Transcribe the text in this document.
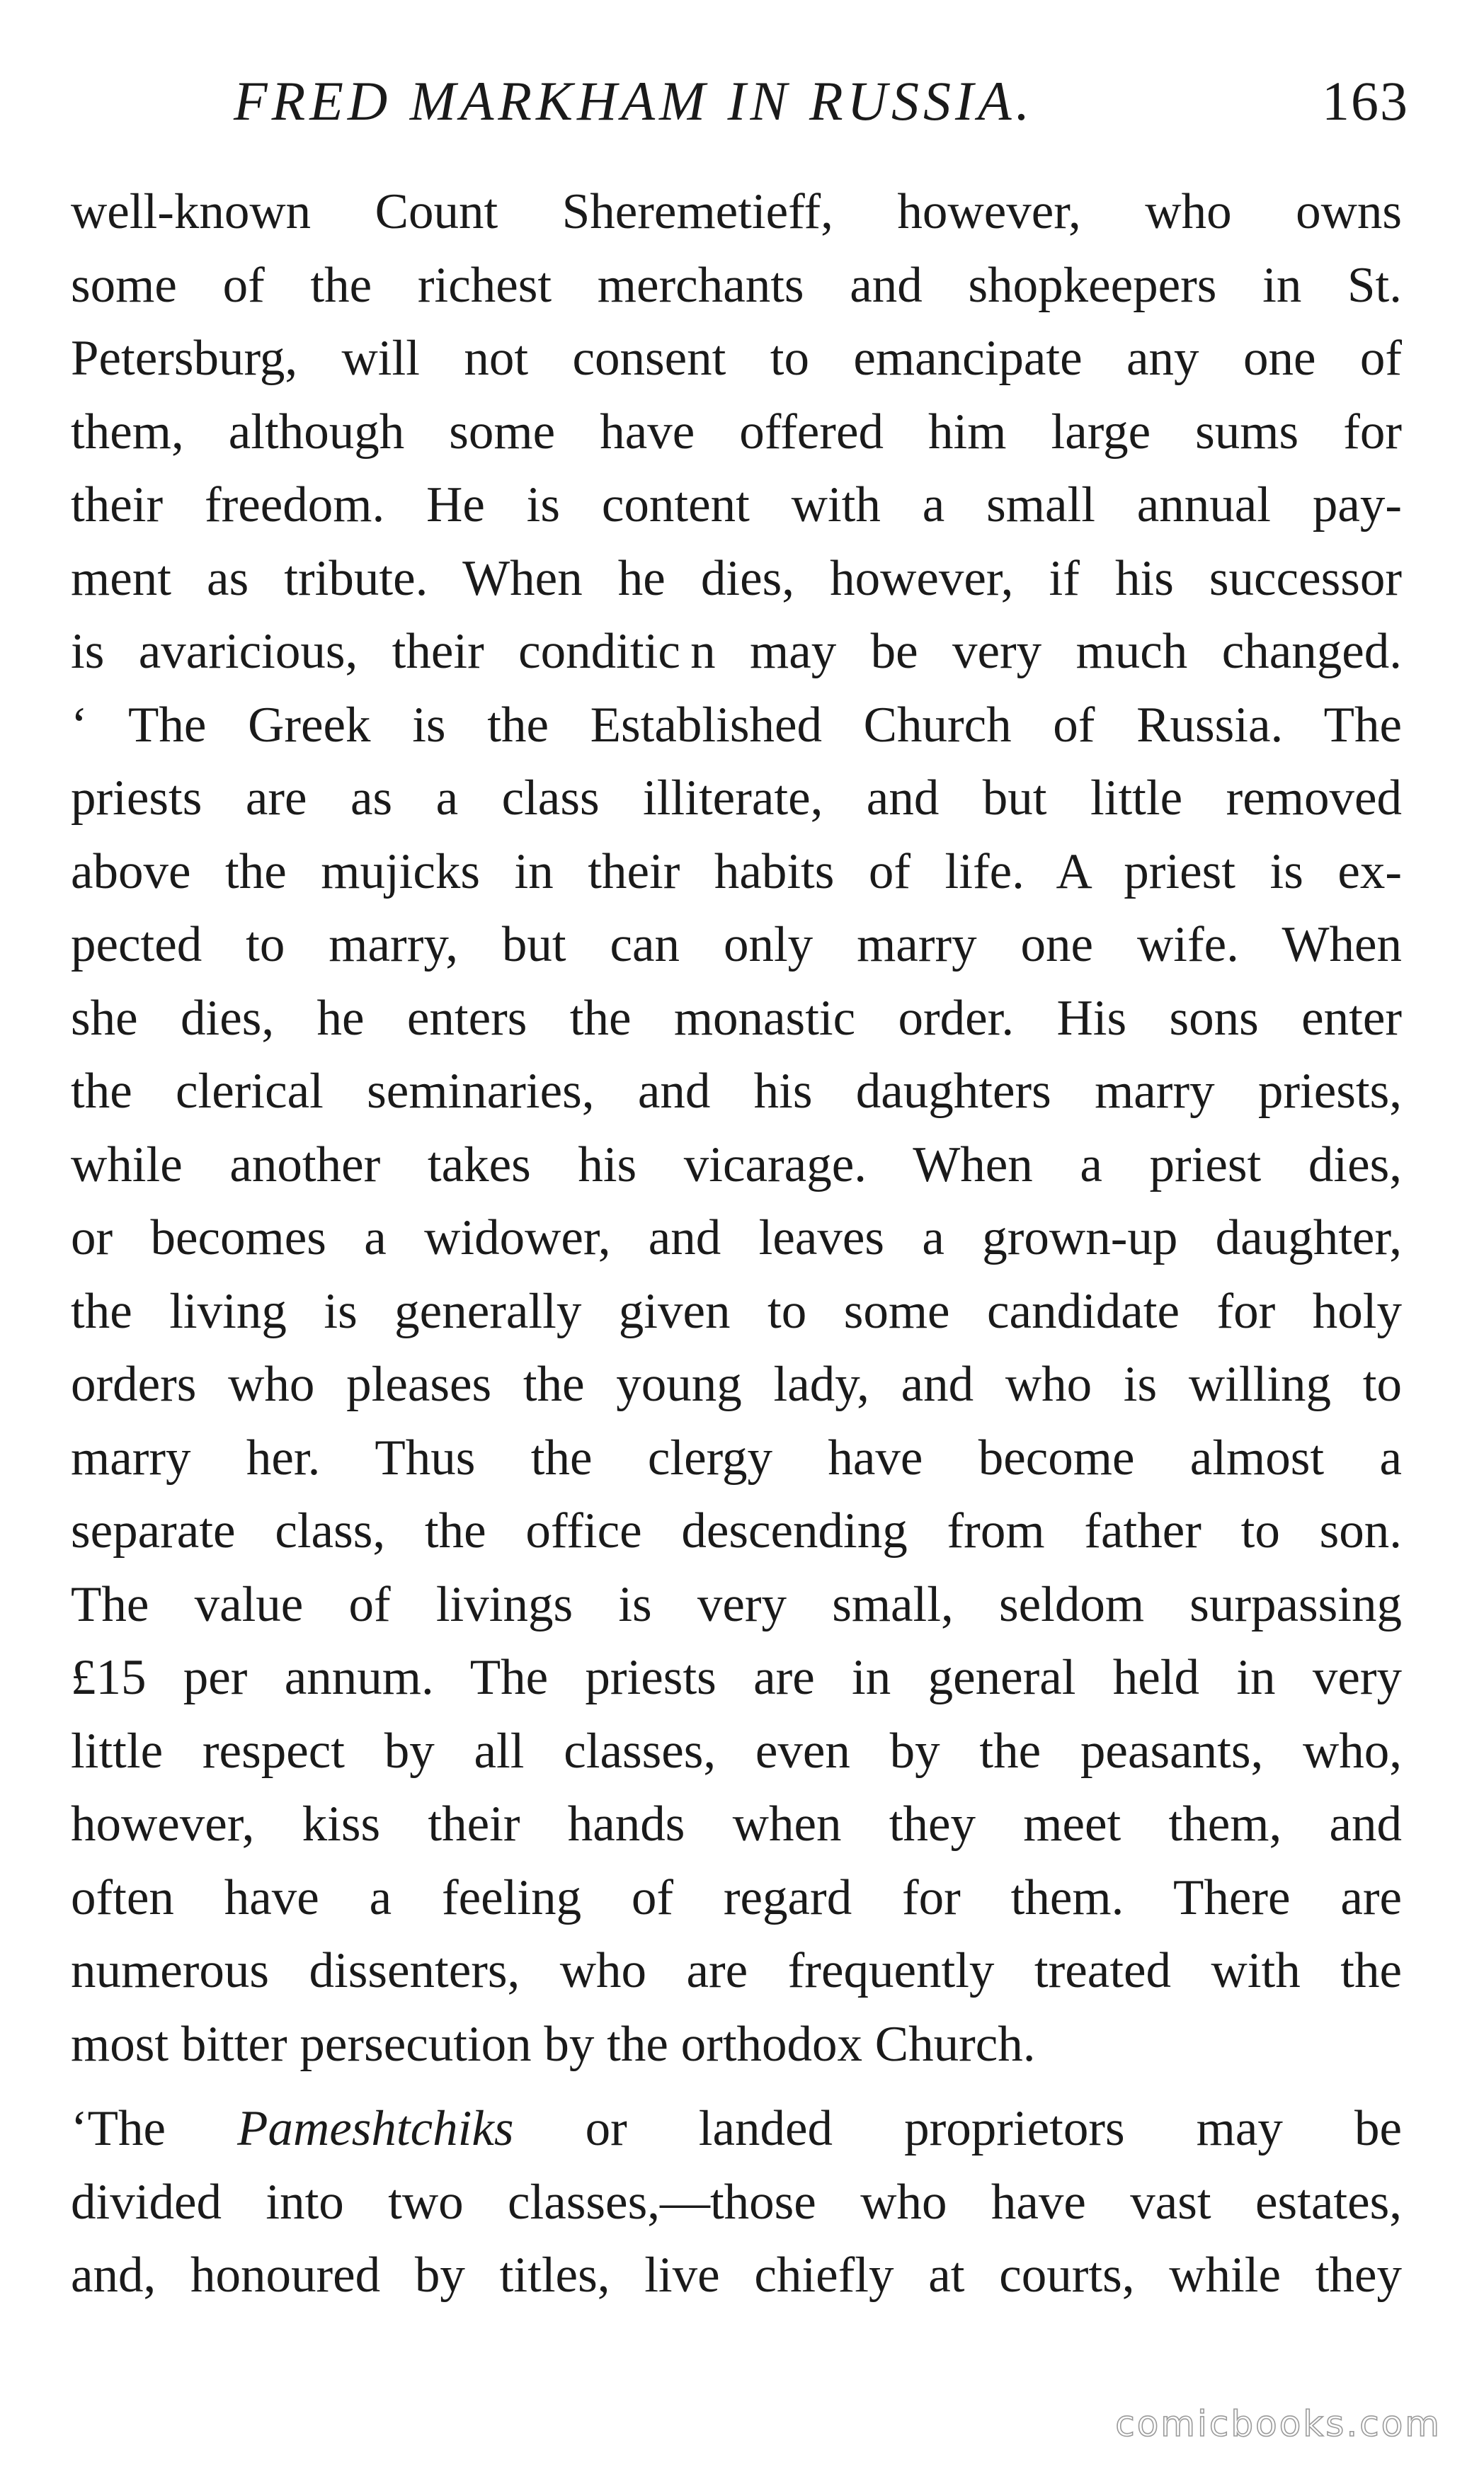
FRED MARKHAM IN RUSSIA.	163
well-known Count Sheremetieff, however, who owns
some of the richest merchants and shopkeepers in St.
Petersburg, will not consent to emancipate any one of
them, although some have offered him large sums for
their freedom. He is content with a small annual pay-
ment as tribute. When he dies, however, if his successor
is avaricious, their conditic n may be very much changed.
‘ The Greek is the Established Church of Russia. The
priests are as a class illiterate, and but little removed
above the mujicks in their habits of life. A priest is ex-
pected to marry, but can only marry one wife. When
she dies, he enters the monastic order. His sons enter
the clerical seminaries, and his daughters marry priests,
while another takes his vicarage. When a priest dies,
or becomes a widower, and leaves a grown-up daughter,
the living is generally given to some candidate for holy
orders who pleases the young lady, and who is willing to
marry her. Thus the clergy have become almost a
separate class, the office descending from father to son.
The value of livings is very small, seldom surpassing
£15 per annum. The priests are in general held in very
little respect by all classes, even by the peasants, who,
however, kiss their hands when they meet them, and
often have a feeling of regard for them. There are
numerous dissenters, who are frequently treated with the
most bitter persecution by the orthodox Church.
‘The Pameshtchiks or landed proprietors may be
divided into two classes,—those who have vast estates,
and, honoured by titles, live chiefly at courts, while they
comicbooks.com
